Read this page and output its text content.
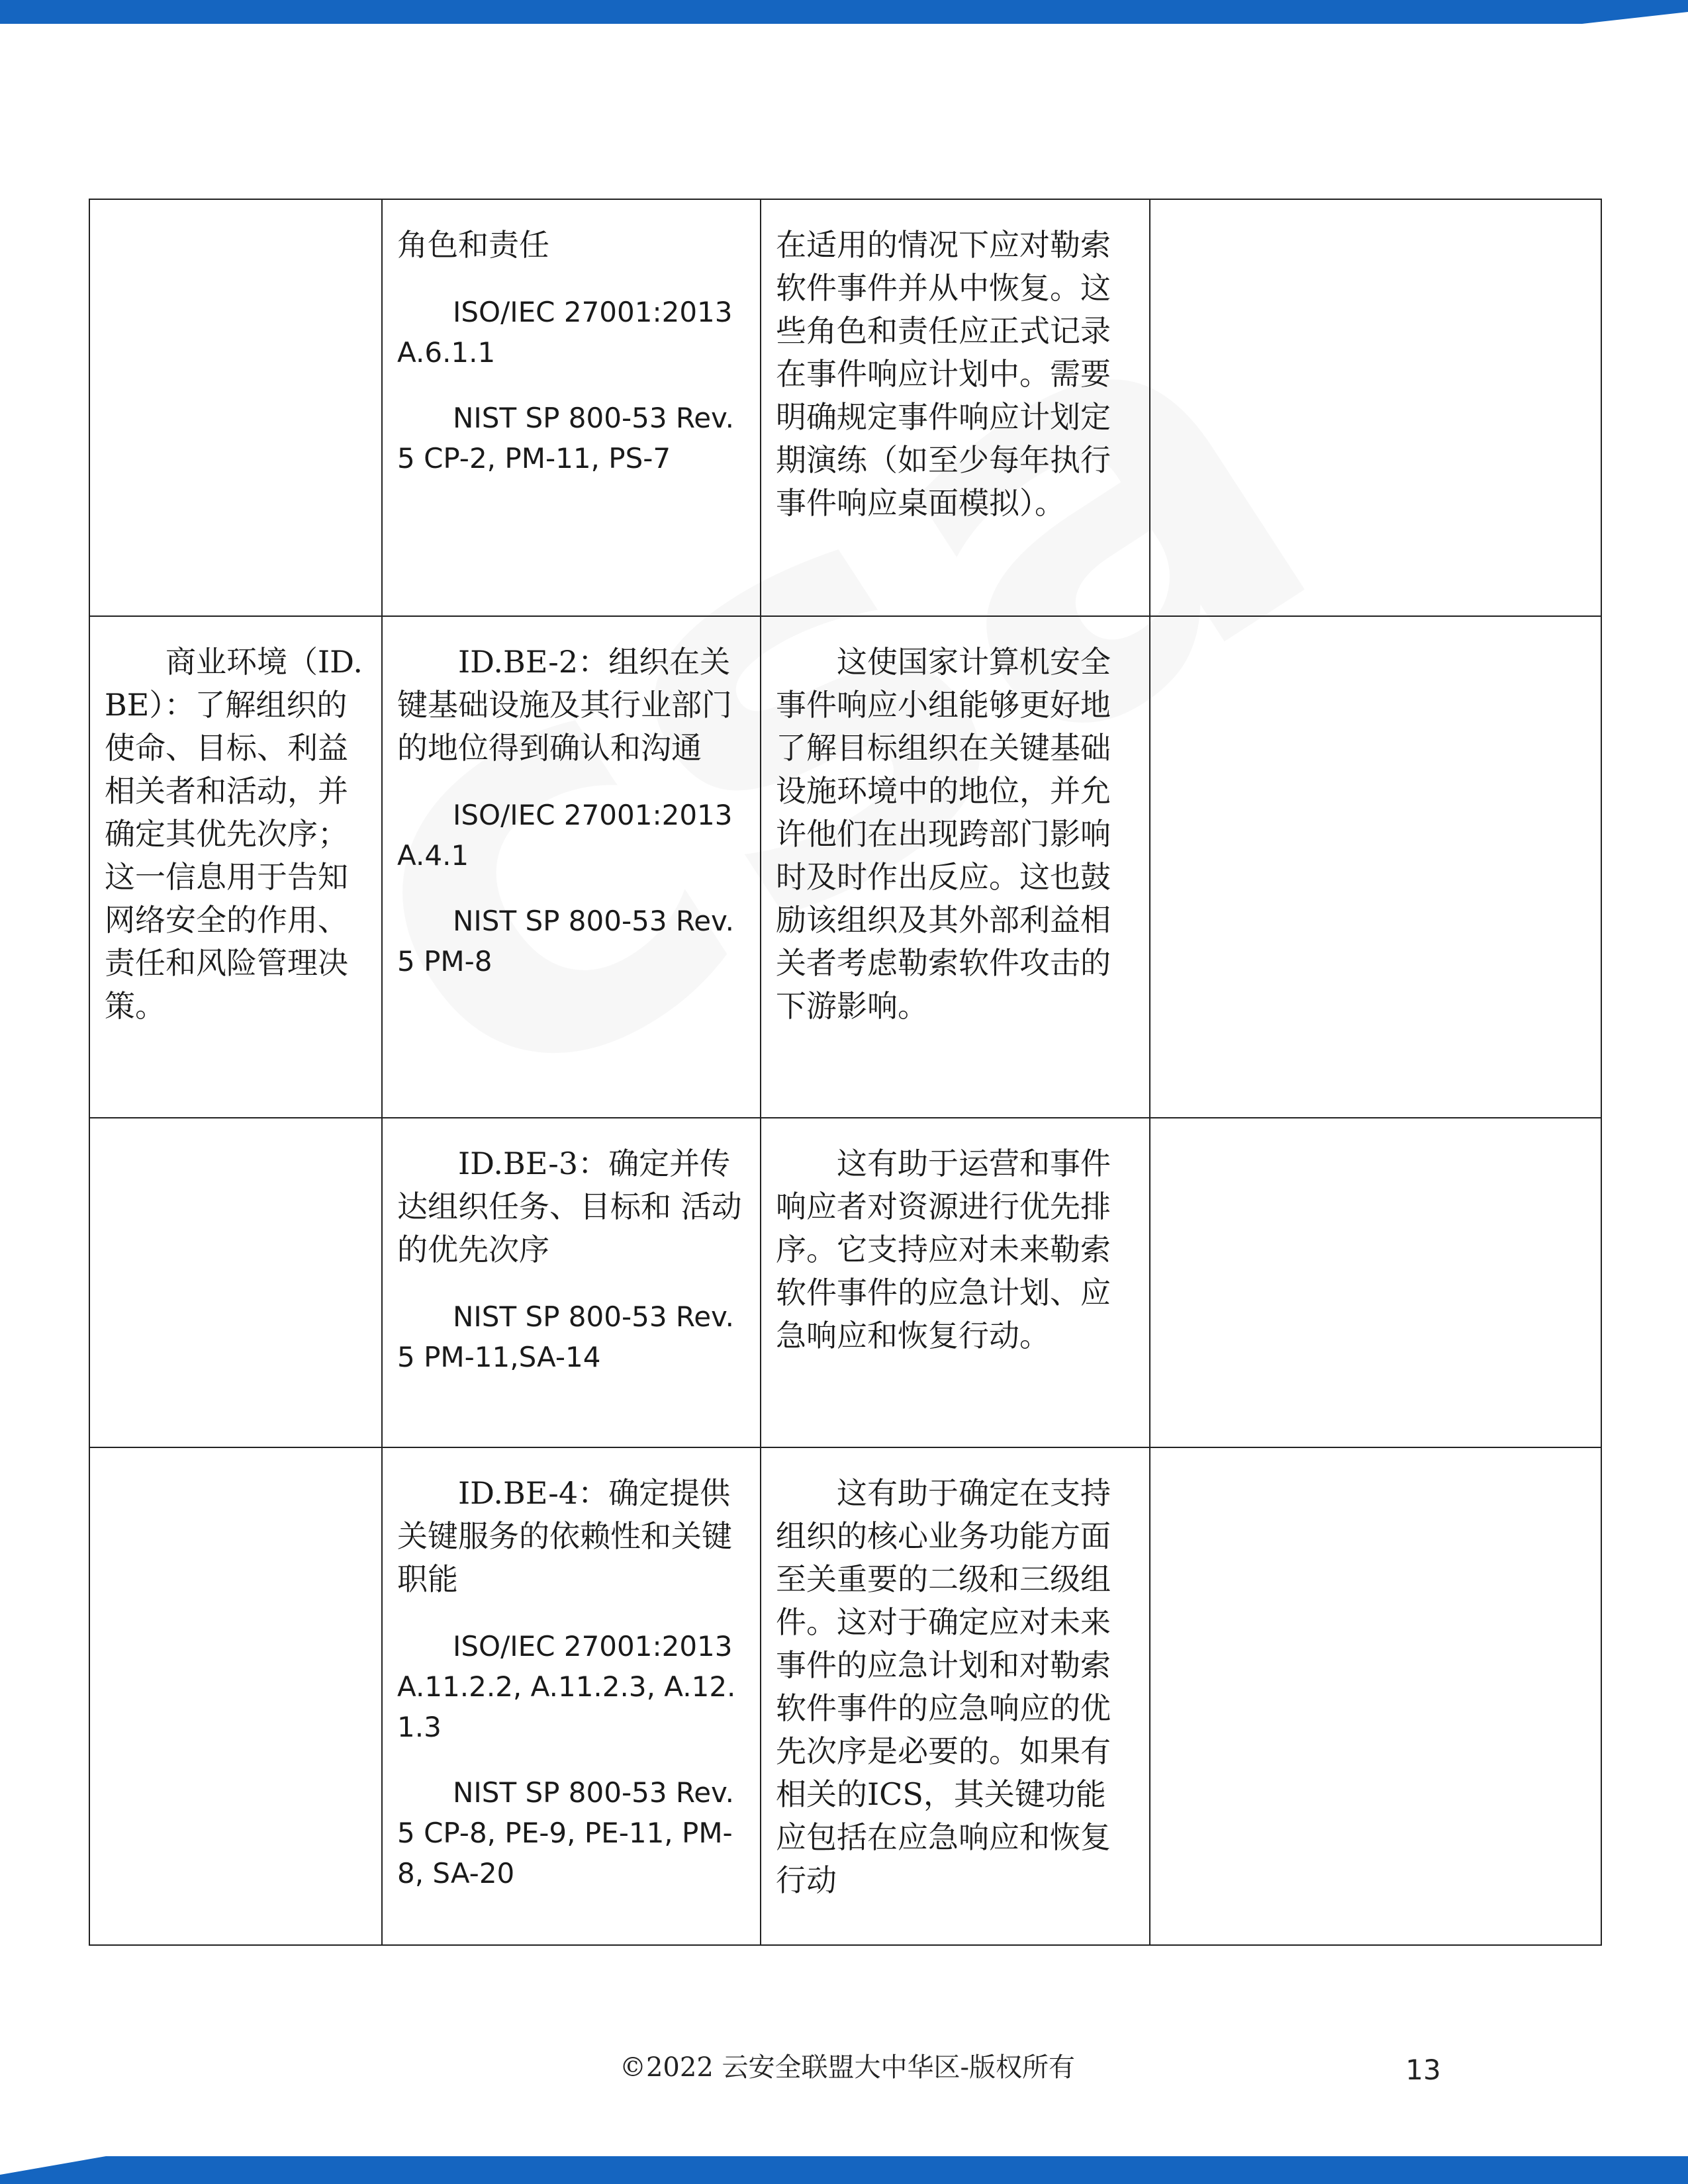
	角色和责任

ISO/IEC 27001:2013 A.6.1.1

NIST SP 800-53 Rev. 5 CP-2, PM-11, PS-7	在适用的情况下应对勒索软件事件并从中恢复。这些角色和责任应正式记录在事件响应计划中。需要明确规定事件响应计划定期演练（如至少每年执行事件响应桌面模拟）。	

商业环境（ID.BE）：了解组织的使命、目标、利益相关者和活动，并确定其优先次序；这一信息用于告知网络安全的作用、责任和风险管理决策。	ID.BE-2：组织在关键基础设施及其行业部门的地位得到确认和沟通

ISO/IEC 27001:2013 A.4.1

NIST SP 800-53 Rev. 5 PM-8	这使国家计算机安全事件响应小组能够更好地了解目标组织在关键基础设施环境中的地位，并允许他们在出现跨部门影响时及时作出反应。这也鼓励该组织及其外部利益相关者考虑勒索软件攻击的下游影响。	

	ID.BE-3：确定并传达组织任务、目标和 活动的优先次序

NIST SP 800-53 Rev. 5 PM-11,SA-14	这有助于运营和事件响应者对资源进行优先排序。它支持应对未来勒索软件事件的应急计划、应急响应和恢复行动。	

	ID.BE-4：确定提供关键服务的依赖性和关键职能

ISO/IEC 27001:2013 A.11.2.2, A.11.2.3, A.12.1.3

NIST SP 800-53 Rev. 5 CP-8, PE-9, PE-11, PM-8, SA-20	这有助于确定在支持组织的核心业务功能方面至关重要的二级和三级组件。这对于确定应对未来事件的应急计划和对勒索软件事件的应急响应的优先次序是必要的。如果有相关的ICS，其关键功能应包括在应急响应和恢复行动	

©2022 云安全联盟大中华区-版权所有	13
